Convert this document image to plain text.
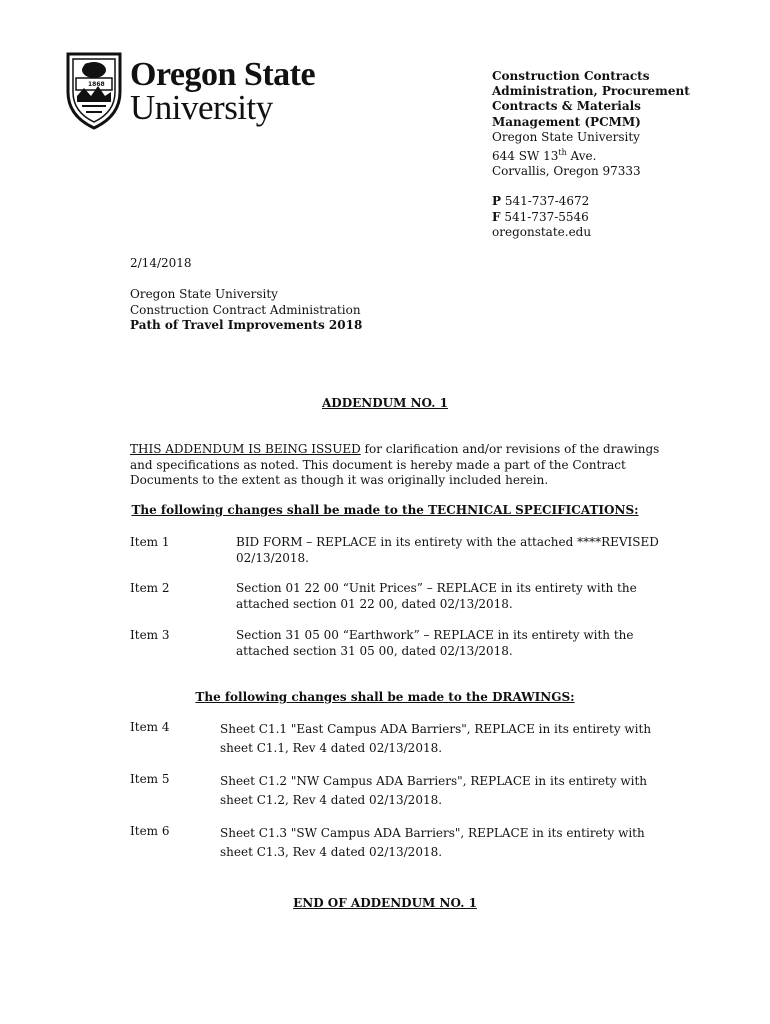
1868 Oregon State
University
Construction Contracts
Administration, Procurement
Contracts & Materials
Management (PCMM)
Oregon State University
644 SW 13th Ave.
Corvallis, Oregon 97333
P 541-737-4672
F 541-737-5546
oregonstate.edu
2/14/2018
Oregon State University
Construction Contract Administration
Path of Travel Improvements 2018
ADDENDUM NO. 1
THIS ADDENDUM IS BEING ISSUED for clarification and/or revisions of the drawings and specifications as noted. This document is hereby made a part of the Contract Documents to the extent as though it was originally included herein.
The following changes shall be made to the TECHNICAL SPECIFICATIONS:
Item 1	BID FORM – REPLACE in its entirety with the attached ****REVISED 02/13/2018.
Item 2	Section 01 22 00 “Unit Prices” – REPLACE in its entirety with the attached section 01 22 00, dated 02/13/2018.
Item 3	Section 31 05 00 “Earthwork” – REPLACE in its entirety with the attached section 31 05 00, dated 02/13/2018.
The following changes shall be made to the DRAWINGS:
Item 4	Sheet C1.1 "East Campus ADA Barriers", REPLACE in its entirety with sheet C1.1, Rev 4 dated 02/13/2018.
Item 5	Sheet C1.2 "NW Campus ADA Barriers", REPLACE in its entirety with sheet C1.2, Rev 4 dated 02/13/2018.
Item 6	Sheet C1.3 "SW Campus ADA Barriers", REPLACE in its entirety with sheet C1.3, Rev 4 dated 02/13/2018.
END OF ADDENDUM NO. 1
